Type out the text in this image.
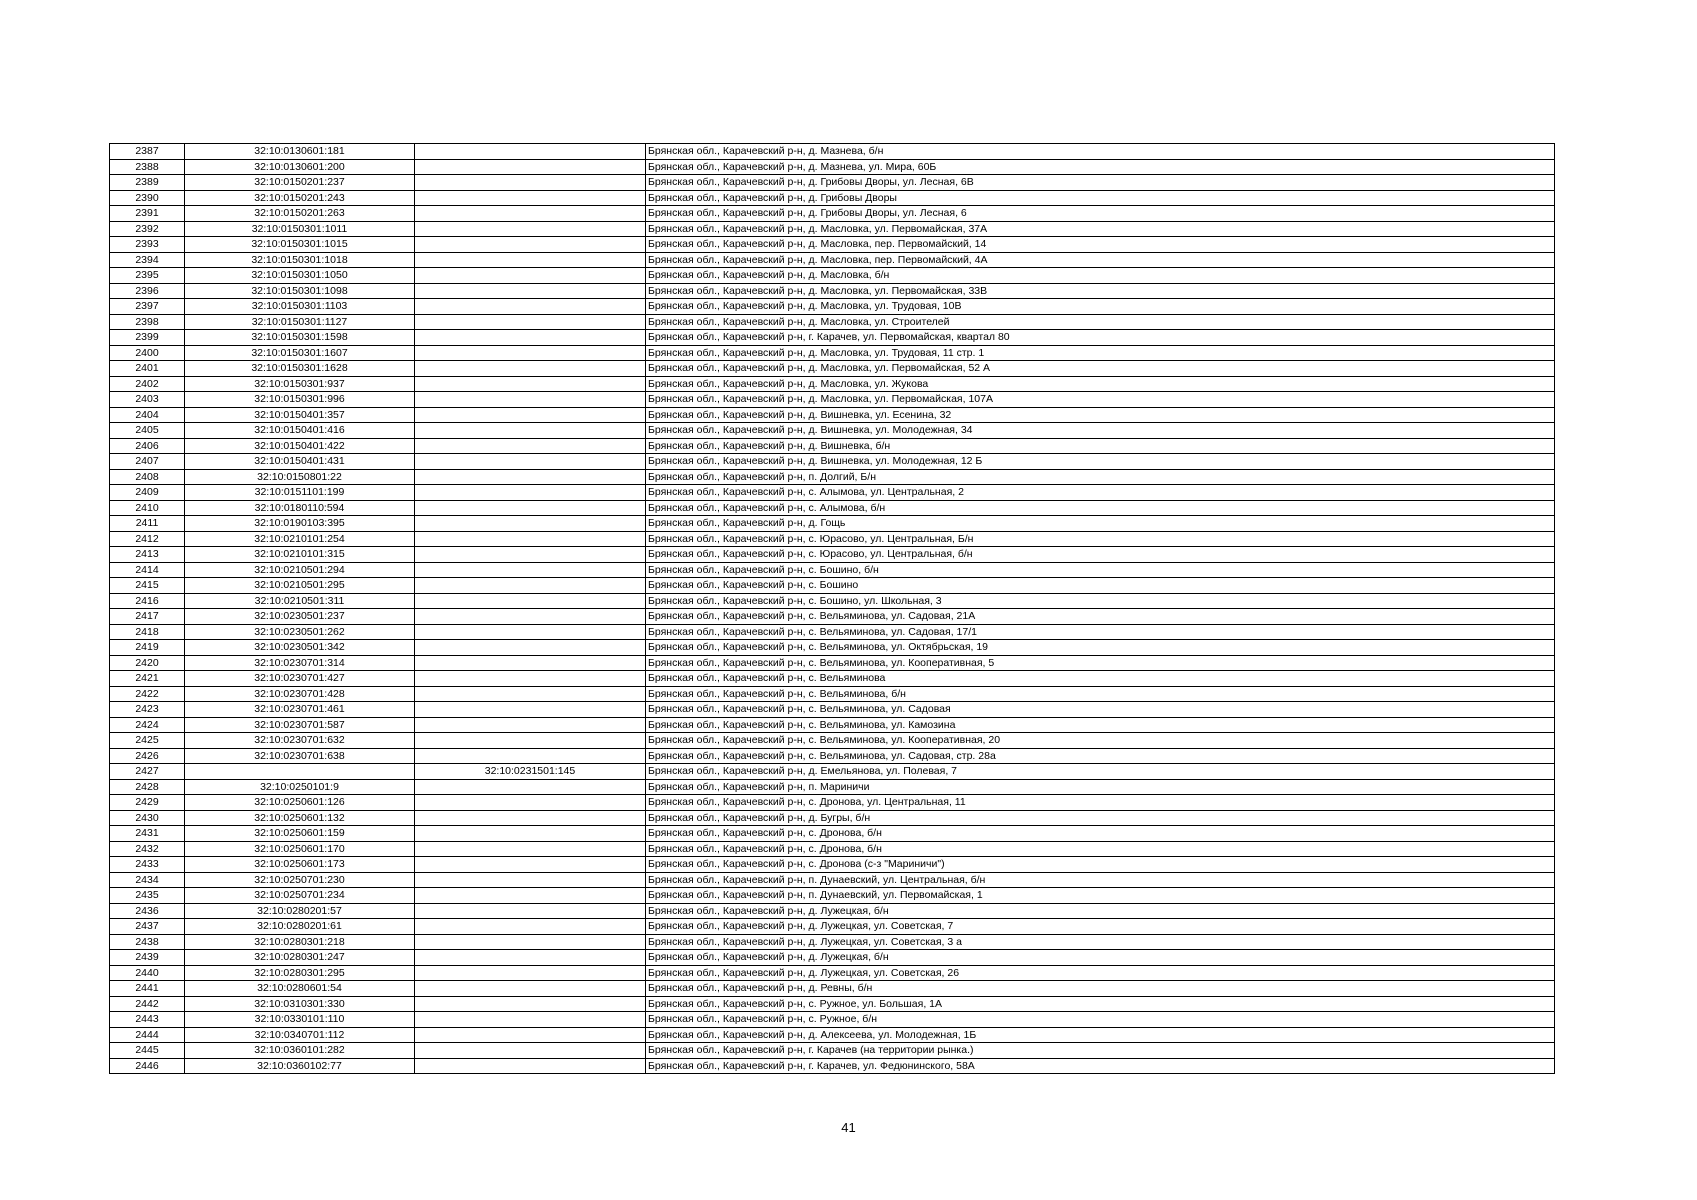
2387	32:10:0130601:181		Брянская обл., Карачевский р-н, д. Мазнева, б/н
2388	32:10:0130601:200		Брянская обл., Карачевский р-н, д. Мазнева, ул. Мира, 60Б
2389	32:10:0150201:237		Брянская обл., Карачевский р-н, д. Грибовы Дворы, ул. Лесная, 6В
2390	32:10:0150201:243		Брянская обл., Карачевский р-н, д. Грибовы Дворы
2391	32:10:0150201:263		Брянская обл., Карачевский р-н, д. Грибовы Дворы, ул. Лесная, 6
2392	32:10:0150301:1011		Брянская обл., Карачевский р-н, д. Масловка, ул. Первомайская, 37А
2393	32:10:0150301:1015		Брянская обл., Карачевский р-н, д. Масловка, пер. Первомайский, 14
2394	32:10:0150301:1018		Брянская обл., Карачевский р-н, д. Масловка, пер. Первомайский, 4А
2395	32:10:0150301:1050		Брянская обл., Карачевский р-н, д. Масловка, б/н
2396	32:10:0150301:1098		Брянская обл., Карачевский р-н, д. Масловка, ул. Первомайская, 33В
2397	32:10:0150301:1103		Брянская обл., Карачевский р-н, д. Масловка, ул. Трудовая, 10В
2398	32:10:0150301:1127		Брянская обл., Карачевский р-н, д. Масловка, ул. Строителей
2399	32:10:0150301:1598		Брянская обл., Карачевский р-н, г. Карачев, ул. Первомайская, квартал 80
2400	32:10:0150301:1607		Брянская обл., Карачевский р-н, д. Масловка, ул. Трудовая, 11 стр. 1
2401	32:10:0150301:1628		Брянская обл., Карачевский р-н, д. Масловка, ул. Первомайская, 52 А
2402	32:10:0150301:937		Брянская обл., Карачевский р-н, д. Масловка, ул. Жукова
2403	32:10:0150301:996		Брянская обл., Карачевский р-н, д. Масловка, ул. Первомайская, 107А
2404	32:10:0150401:357		Брянская обл., Карачевский р-н, д. Вишневка, ул. Есенина, 32
2405	32:10:0150401:416		Брянская обл., Карачевский р-н, д. Вишневка, ул. Молодежная, 34
2406	32:10:0150401:422		Брянская обл., Карачевский р-н, д. Вишневка, б/н
2407	32:10:0150401:431		Брянская обл., Карачевский р-н, д. Вишневка, ул. Молодежная, 12 Б
2408	32:10:0150801:22		Брянская обл., Карачевский р-н, п. Долгий, Б/н
2409	32:10:0151101:199		Брянская обл., Карачевский р-н, с. Алымова, ул. Центральная, 2
2410	32:10:0180110:594		Брянская обл., Карачевский р-н, с. Алымова, б/н
2411	32:10:0190103:395		Брянская обл., Карачевский р-н, д. Гощь
2412	32:10:0210101:254		Брянская обл., Карачевский р-н, с. Юрасово, ул. Центральная, Б/н
2413	32:10:0210101:315		Брянская обл., Карачевский р-н, с. Юрасово, ул. Центральная, б/н
2414	32:10:0210501:294		Брянская обл., Карачевский р-н, с. Бошино, б/н
2415	32:10:0210501:295		Брянская обл., Карачевский р-н, с. Бошино
2416	32:10:0210501:311		Брянская обл., Карачевский р-н, с. Бошино, ул. Школьная, 3
2417	32:10:0230501:237		Брянская обл., Карачевский р-н, с. Вельяминова, ул. Садовая, 21А
2418	32:10:0230501:262		Брянская обл., Карачевский р-н, с. Вельяминова, ул. Садовая, 17/1
2419	32:10:0230501:342		Брянская обл., Карачевский р-н, с. Вельяминова, ул. Октябрьская, 19
2420	32:10:0230701:314		Брянская обл., Карачевский р-н, с. Вельяминова, ул. Кооперативная, 5
2421	32:10:0230701:427		Брянская обл., Карачевский р-н, с. Вельяминова
2422	32:10:0230701:428		Брянская обл., Карачевский р-н, с. Вельяминова, б/н
2423	32:10:0230701:461		Брянская обл., Карачевский р-н, с. Вельяминова, ул. Садовая
2424	32:10:0230701:587		Брянская обл., Карачевский р-н, с. Вельяминова, ул. Камозина
2425	32:10:0230701:632		Брянская обл., Карачевский р-н, с. Вельяминова, ул. Кооперативная, 20
2426	32:10:0230701:638		Брянская обл., Карачевский р-н, с. Вельяминова, ул. Садовая, стр. 28а
2427		32:10:0231501:145	Брянская обл., Карачевский р-н, д. Емельянова, ул. Полевая, 7
2428	32:10:0250101:9		Брянская обл., Карачевский р-н, п. Мариничи
2429	32:10:0250601:126		Брянская обл., Карачевский р-н, с. Дронова, ул. Центральная, 11
2430	32:10:0250601:132		Брянская обл., Карачевский р-н, д. Бугры, б/н
2431	32:10:0250601:159		Брянская обл., Карачевский р-н, с. Дронова, б/н
2432	32:10:0250601:170		Брянская обл., Карачевский р-н, с. Дронова, б/н
2433	32:10:0250601:173		Брянская обл., Карачевский р-н, с. Дронова (с-з "Мариничи")
2434	32:10:0250701:230		Брянская обл., Карачевский р-н, п. Дунаевский, ул. Центральная, б/н
2435	32:10:0250701:234		Брянская обл., Карачевский р-н, п. Дунаевский, ул. Первомайская, 1
2436	32:10:0280201:57		Брянская обл., Карачевский р-н, д. Лужецкая, б/н
2437	32:10:0280201:61		Брянская обл., Карачевский р-н, д. Лужецкая, ул. Советская, 7
2438	32:10:0280301:218		Брянская обл., Карачевский р-н, д. Лужецкая, ул. Советская, 3 а
2439	32:10:0280301:247		Брянская обл., Карачевский р-н, д. Лужецкая, б/н
2440	32:10:0280301:295		Брянская обл., Карачевский р-н, д. Лужецкая, ул. Советская, 26
2441	32:10:0280601:54		Брянская обл., Карачевский р-н, д. Ревны, б/н
2442	32:10:0310301:330		Брянская обл., Карачевский р-н, с. Ружное, ул. Большая, 1А
2443	32:10:0330101:110		Брянская обл., Карачевский р-н, с. Ружное, б/н
2444	32:10:0340701:112		Брянская обл., Карачевский р-н, д. Алексеева, ул. Молодежная, 1Б
2445	32:10:0360101:282		Брянская обл., Карачевский р-н, г. Карачев (на территории рынка.)
2446	32:10:0360102:77		Брянская обл., Карачевский р-н, г. Карачев, ул. Федюнинского, 58А
41
